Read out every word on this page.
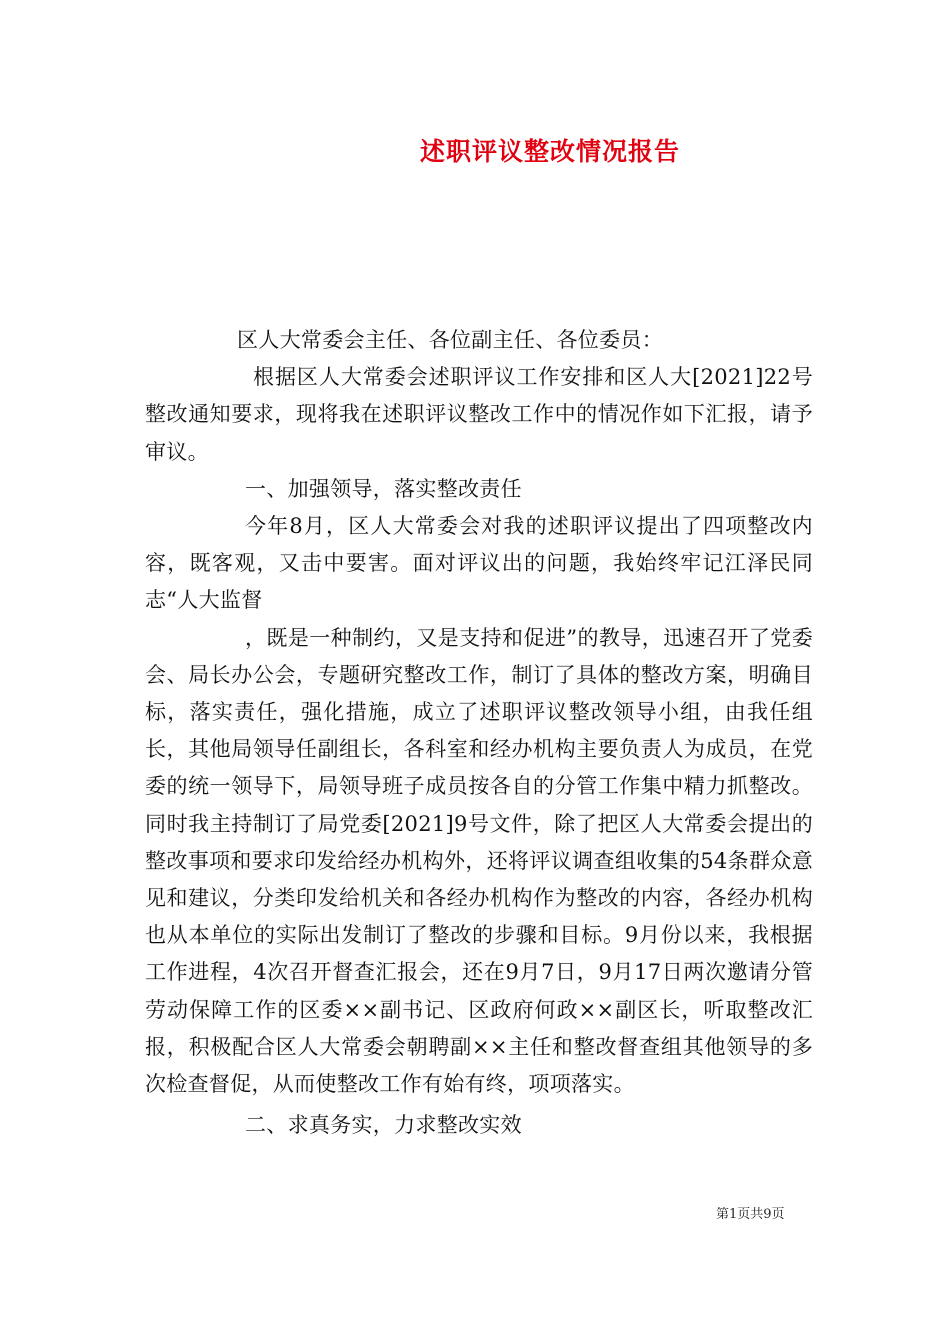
述职评议整改情况报告

区人大常委会主任、各位副主任、各位委员：

根据区人大常委会述职评议工作安排和区人大[2021]22号整改通知要求，现将我在述职评议整改工作中的情况作如下汇报，请予审议。

一、加强领导，落实整改责任

今年8月，区人大常委会对我的述职评议提出了四项整改内容，既客观，又击中要害。面对评议出的问题，我始终牢记江泽民同志“人大监督

，既是一种制约，又是支持和促进”的教导，迅速召开了党委会、局长办公会，专题研究整改工作，制订了具体的整改方案，明确目标，落实责任，强化措施，成立了述职评议整改领导小组，由我任组长，其他局领导任副组长，各科室和经办机构主要负责人为成员，在党委的统一领导下，局领导班子成员按各自的分管工作集中精力抓整改。同时我主持制订了局党委[2021]9号文件，除了把区人大常委会提出的整改事项和要求印发给经办机构外，还将评议调查组收集的54条群众意见和建议，分类印发给机关和各经办机构作为整改的内容，各经办机构也从本单位的实际出发制订了整改的步骤和目标。9月份以来，我根据工作进程，4次召开督查汇报会，还在9月7日，9月17日两次邀请分管劳动保障工作的区委××副书记、区政府何政××副区长，听取整改汇报，积极配合区人大常委会朝聘副××主任和整改督查组其他领导的多次检查督促，从而使整改工作有始有终，项项落实。

二、求真务实，力求整改实效

第1页共9页
